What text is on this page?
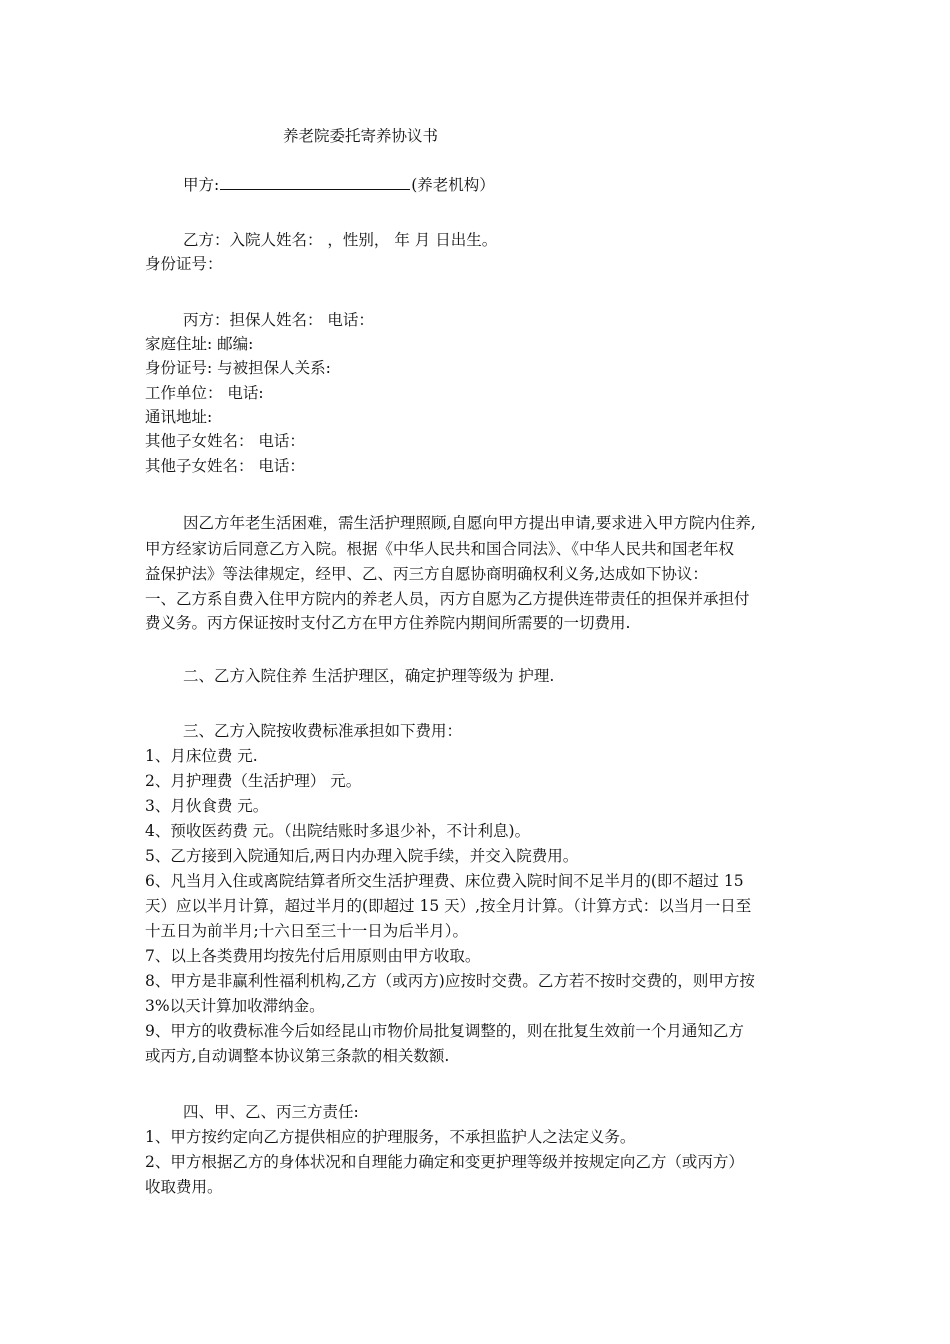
养老院委托寄养协议书
甲方:	(养老机构）
乙方：入院人姓名： ，性别， 年 月 日出生。
身份证号：
丙方：担保人姓名： 电话：
家庭住址: 邮编:
身份证号: 与被担保人关系:
工作单位： 电话:
通讯地址:
其他子女姓名： 电话：
其他子女姓名： 电话：
因乙方年老生活困难，需生活护理照顾,自愿向甲方提出申请,要求进入甲方院内住养,
甲方经家访后同意乙方入院。根据《中华人民共和国合同法》、《中华人民共和国老年权
益保护法》等法律规定，经甲、乙、丙三方自愿协商明确权利义务,达成如下协议：
一、乙方系自费入住甲方院内的养老人员，丙方自愿为乙方提供连带责任的担保并承担付
费义务。丙方保证按时支付乙方在甲方住养院内期间所需要的一切费用.
二、乙方入院住养 生活护理区，确定护理等级为 护理.
三、乙方入院按收费标准承担如下费用：
1、月床位费 元.
2、月护理费（生活护理） 元。
3、月伙食费 元。
4、预收医药费 元。（出院结账时多退少补，不计利息)。
5、乙方接到入院通知后,两日内办理入院手续，并交入院费用。
6、凡当月入住或离院结算者所交生活护理费、床位费入院时间不足半月的(即不超过 15
天）应以半月计算，超过半月的(即超过 15 天）,按全月计算。（计算方式：以当月一日至
十五日为前半月;十六日至三十一日为后半月）。
7、以上各类费用均按先付后用原则由甲方收取。
8、甲方是非赢利性福利机构,乙方（或丙方)应按时交费。乙方若不按时交费的，则甲方按
3%以天计算加收滞纳金。
9、甲方的收费标准今后如经昆山市物价局批复调整的，则在批复生效前一个月通知乙方
或丙方,自动调整本协议第三条款的相关数额.
四、甲、乙、丙三方责任:
1、甲方按约定向乙方提供相应的护理服务，不承担监护人之法定义务。
2、甲方根据乙方的身体状况和自理能力确定和变更护理等级并按规定向乙方（或丙方）
收取费用。
